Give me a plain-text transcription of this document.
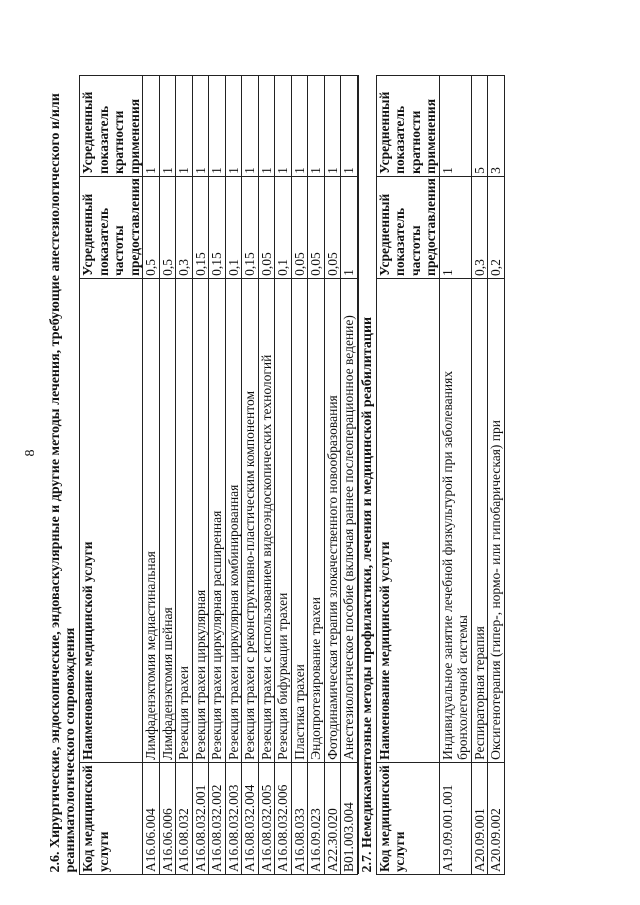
8 2.6. Хирургические, эндоскопические, эндоваскулярные и другие методы лечения, требующие анестезиологического и/или реаниматологического сопровождения			
Код медицинской услуги	Наименование медицинской услуги	Усредненный показатель частоты предоставления	Усредненный показатель кратности применения
A16.06.004	Лимфаденэктомия медиастинальная	0,5	1
A16.06.006	Лимфаденэктомия шейная	0,5	1
A16.08.032	Резекция трахеи	0,3	1
A16.08.032.001	Резекция трахеи циркулярная	0,15	1
A16.08.032.002	Резекция трахеи циркулярная расширенная	0,15	1
A16.08.032.003	Резекция трахеи циркулярная комбинированная	0,1	1
A16.08.032.004	Резекция трахеи с реконструктивно-пластическим компонентом	0,15	1
A16.08.032.005	Резекция трахеи с использованием видеоэндоскопических технологий	0,05	1
A16.08.032.006	Резекция бифуркации трахеи	0,1	1
A16.08.033	Пластика трахеи	0,05	1
A16.09.023	Эндопротезирование трахеи	0,05	1
A22.30.020	Фотодинамическая терапия злокачественного новообразования	0,05	1
B01.003.004	Анестезиологическое пособие (включая раннее послеоперационное ведение)	1	1
2.7. Немедикаментозные методы профилактики, лечения и медицинской реабилитации			
Код медицинской услуги	Наименование медицинской услуги	Усредненный показатель частоты предоставления	Усредненный показатель кратности применения
A19.09.001.001	Индивидуальное занятие лечебной физкультурой при заболеваниях бронхолегочной системы	1	1
A20.09.001	Респираторная терапия	0,3	5
A20.09.002	Оксигенотерапия (гипер-, нормо- или гипобарическая) при	0,2	3
